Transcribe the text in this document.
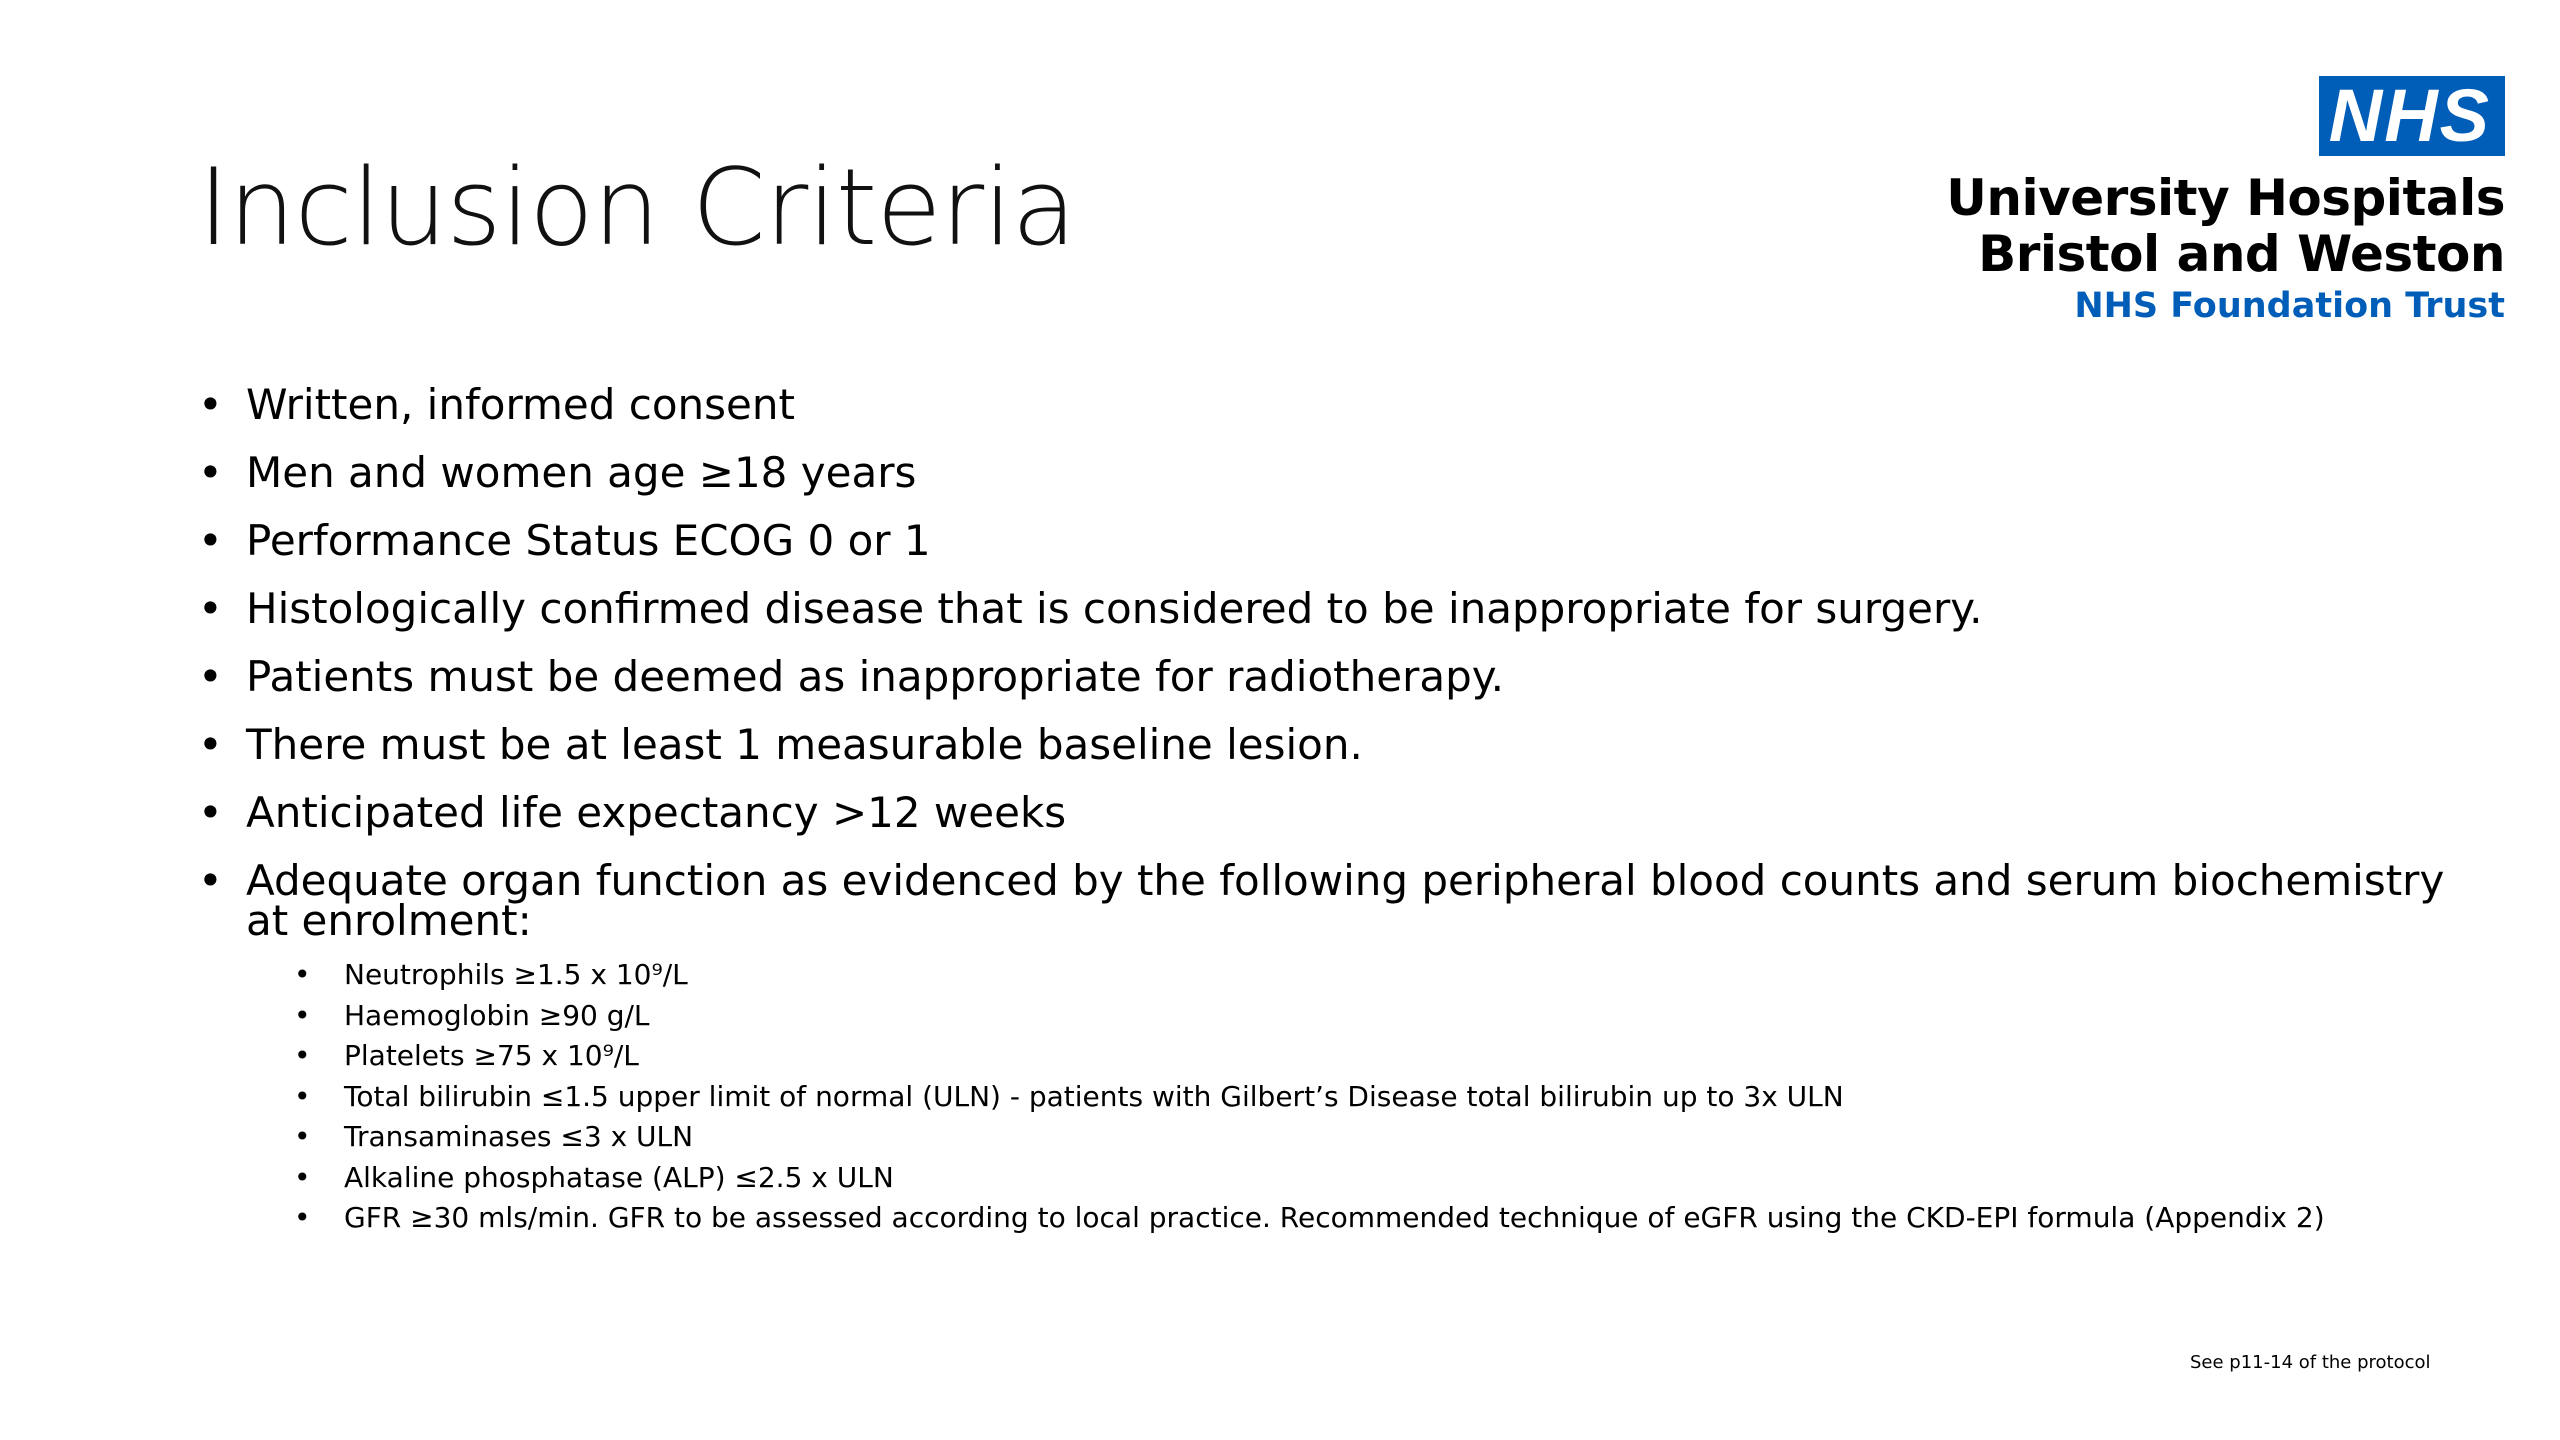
Inclusion Criteria
NHS
University Hospitals
Bristol and Weston
NHS Foundation Trust
• Written, informed consent
• Men and women age ≥18 years
• Performance Status ECOG 0 or 1
• Histologically confirmed disease that is considered to be inappropriate for surgery.
• Patients must be deemed as inappropriate for radiotherapy.
• There must be at least 1 measurable baseline lesion.
• Anticipated life expectancy >12 weeks
• Adequate organ function as evidenced by the following peripheral blood counts and serum biochemistry at enrolment:
• Neutrophils ≥1.5 x 10⁹/L
• Haemoglobin ≥90 g/L
• Platelets ≥75 x 10⁹/L
• Total bilirubin ≤1.5 upper limit of normal (ULN) - patients with Gilbert’s Disease total bilirubin up to 3x ULN
• Transaminases ≤3 x ULN
• Alkaline phosphatase (ALP) ≤2.5 x ULN
• GFR ≥30 mls/min. GFR to be assessed according to local practice. Recommended technique of eGFR using the CKD-EPI formula (Appendix 2)
See p11-14 of the protocol
